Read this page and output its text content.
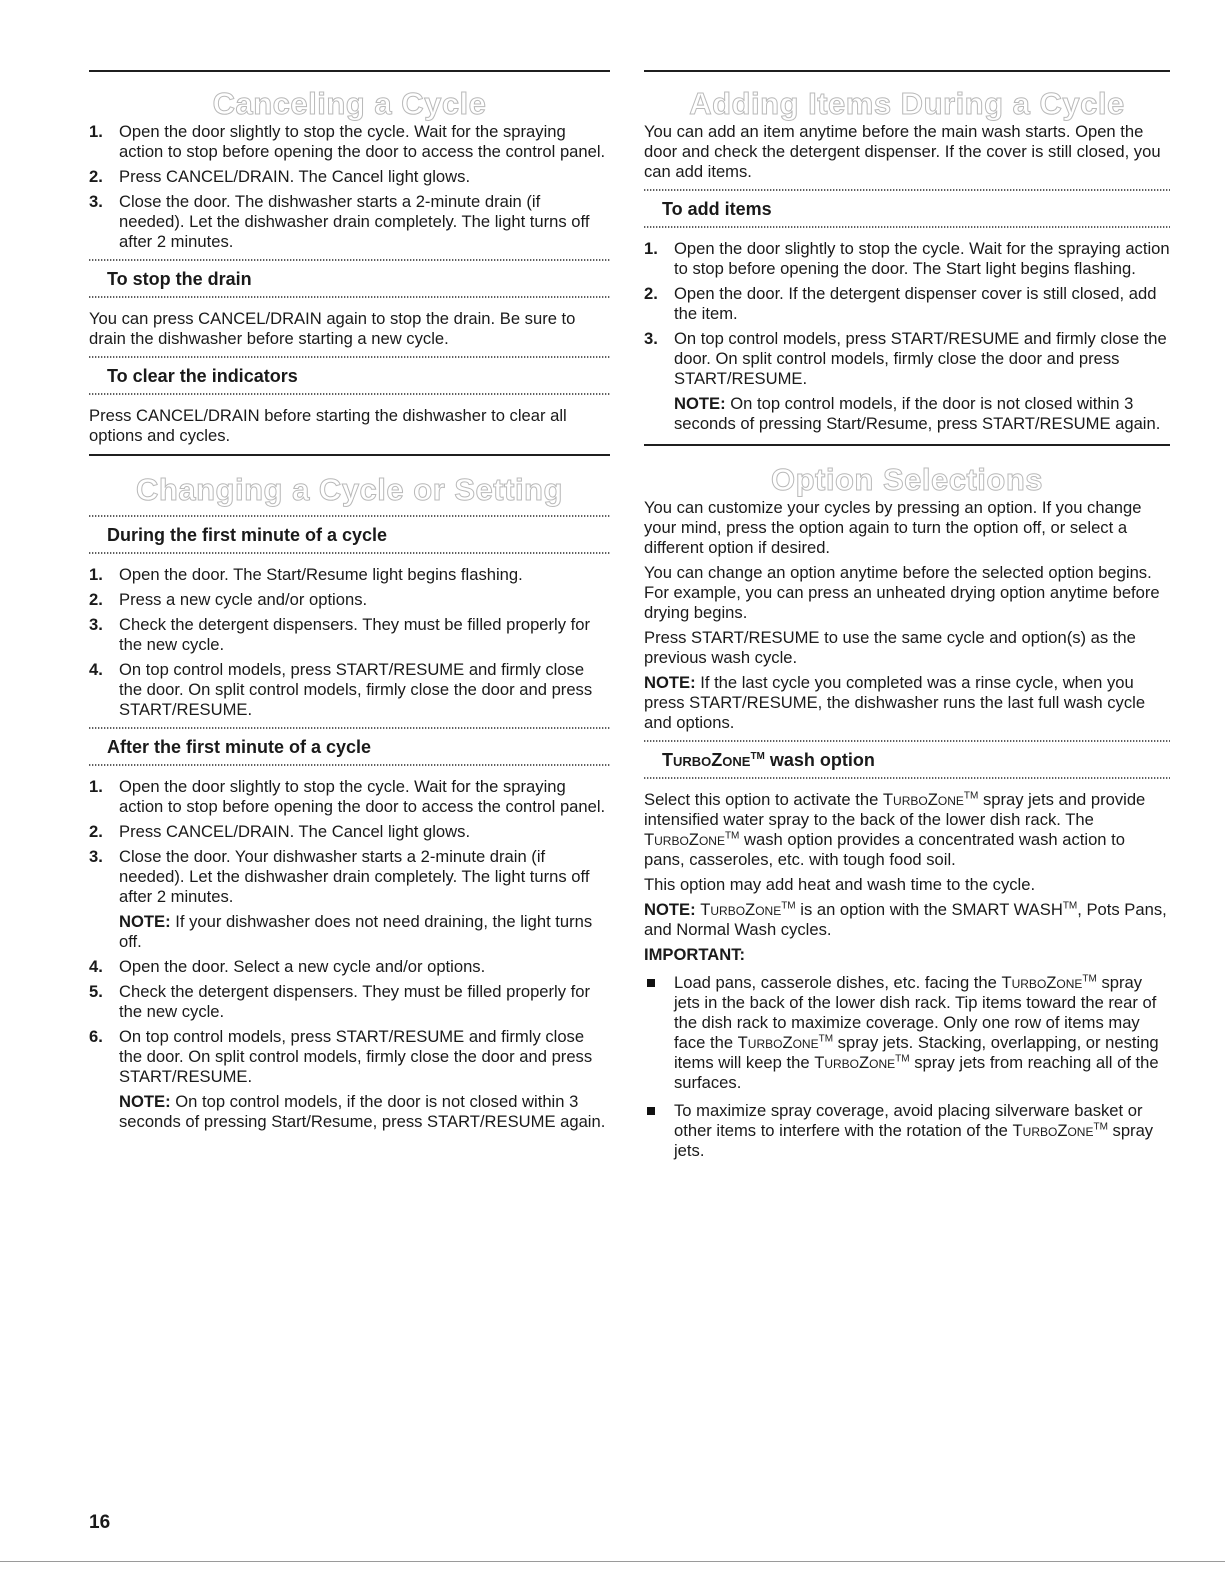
Canceling a Cycle
1. Open the door slightly to stop the cycle. Wait for the spraying action to stop before opening the door to access the control panel.
2. Press CANCEL/DRAIN. The Cancel light glows.
3. Close the door. The dishwasher starts a 2-minute drain (if needed). Let the dishwasher drain completely. The light turns off after 2 minutes.
To stop the drain

You can press CANCEL/DRAIN again to stop the drain. Be sure to drain the dishwasher before starting a new cycle.

To clear the indicators

Press CANCEL/DRAIN before starting the dishwasher to clear all options and cycles.

Changing a Cycle or Setting
During the first minute of a cycle
1. Open the door. The Start/Resume light begins flashing.
2. Press a new cycle and/or options.
3. Check the detergent dispensers. They must be filled properly for the new cycle.
4. On top control models, press START/RESUME and firmly close the door. On split control models, firmly close the door and press START/RESUME.
After the first minute of a cycle
1. Open the door slightly to stop the cycle. Wait for the spraying action to stop before opening the door to access the control panel.
2. Press CANCEL/DRAIN. The Cancel light glows.
3. Close the door. Your dishwasher starts a 2-minute drain (if needed). Let the dishwasher drain completely. The light turns off after 2 minutes.
NOTE: If your dishwasher does not need draining, the light turns off.
4. Open the door. Select a new cycle and/or options.
5. Check the detergent dispensers. They must be filled properly for the new cycle.
6. On top control models, press START/RESUME and firmly close the door. On split control models, firmly close the door and press START/RESUME.
NOTE: On top control models, if the door is not closed within 3 seconds of pressing Start/Resume, press START/RESUME again.
Adding Items During a Cycle

You can add an item anytime before the main wash starts. Open the door and check the detergent dispenser. If the cover is still closed, you can add items.

To add items
1. Open the door slightly to stop the cycle. Wait for the spraying action to stop before opening the door. The Start light begins flashing.
2. Open the door. If the detergent dispenser cover is still closed, add the item.
3. On top control models, press START/RESUME and firmly close the door. On split control models, firmly close the door and press START/RESUME.
NOTE: On top control models, if the door is not closed within 3 seconds of pressing Start/Resume, press START/RESUME again.
Option Selections

You can customize your cycles by pressing an option. If you change your mind, press the option again to turn the option off, or select a different option if desired.

You can change an option anytime before the selected option begins. For example, you can press an unheated drying option anytime before drying begins.

Press START/RESUME to use the same cycle and option(s) as the previous wash cycle.

NOTE: If the last cycle you completed was a rinse cycle, when you press START/RESUME, the dishwasher runs the last full wash cycle and options.

TurboZone™ wash option

Select this option to activate the TurboZone™ spray jets and provide intensified water spray to the back of the lower dish rack. The TurboZone™ wash option provides a concentrated wash action to pans, casseroles, etc. with tough food soil.

This option may add heat and wash time to the cycle.

NOTE: TurboZone™ is an option with the SMART WASH™, Pots Pans, and Normal Wash cycles.

IMPORTANT:

Load pans, casserole dishes, etc. facing the TurboZone™ spray jets in the back of the lower dish rack. Tip items toward the rear of the dish rack to maximize coverage. Only one row of items may face the TurboZone™ spray jets. Stacking, overlapping, or nesting items will keep the TurboZone™ spray jets from reaching all of the surfaces.
To maximize spray coverage, avoid placing silverware basket or other items to interfere with the rotation of the TurboZone™ spray jets.
16
